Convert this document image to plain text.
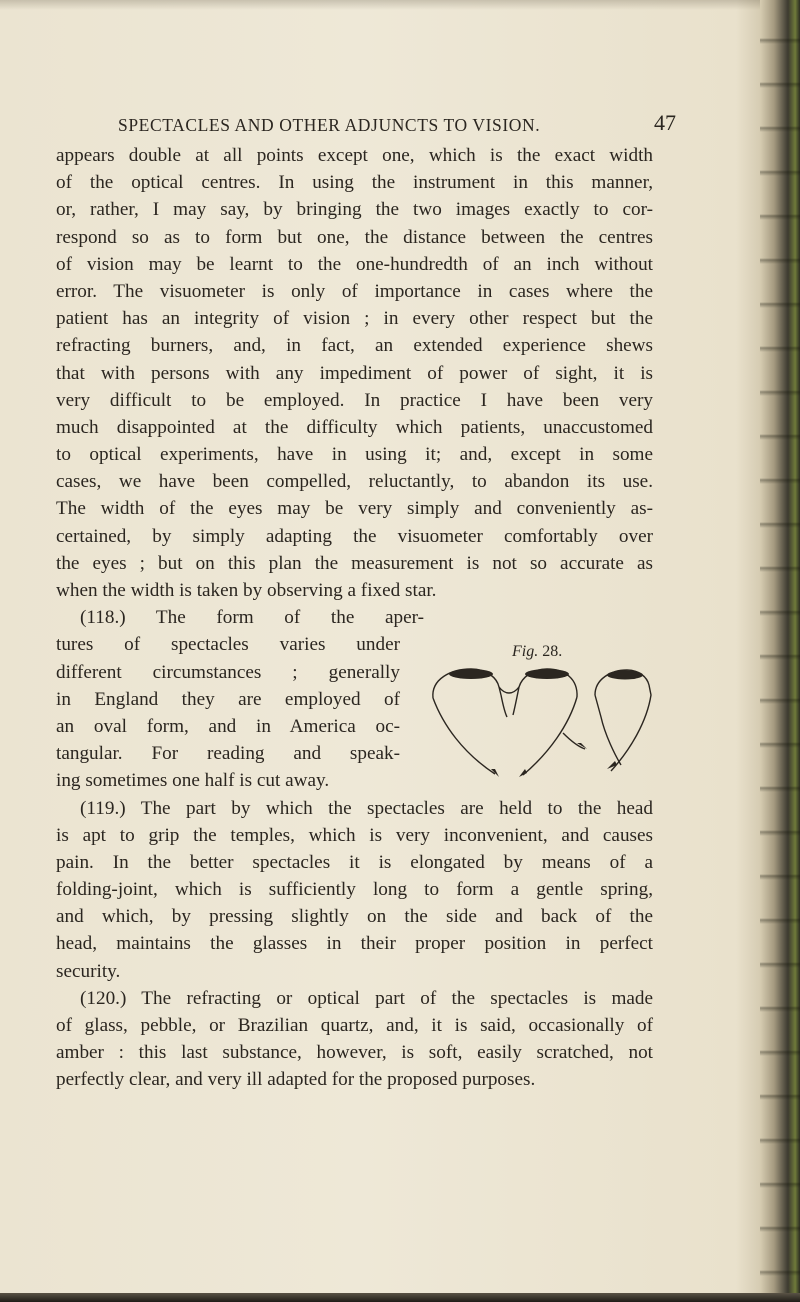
SPECTACLES AND OTHER ADJUNCTS TO VISION.	47
appears double at all points except one, which is the exact width
of the optical centres. In using the instrument in this manner,
or, rather, I may say, by bringing the two images exactly to cor-
respond so as to form but one, the distance between the centres
of vision may be learnt to the one-hundredth of an inch without
error. The visuometer is only of importance in cases where the
patient has an integrity of vision ; in every other respect but the
refracting burners, and, in fact, an extended experience shews
that with persons with any impediment of power of sight, it is
very difficult to be employed. In practice I have been very
much disappointed at the difficulty which patients, unaccustomed
to optical experiments, have in using it; and, except in some
cases, we have been compelled, reluctantly, to abandon its use.
The width of the eyes may be very simply and conveniently as-
certained, by simply adapting the visuometer comfortably over
the eyes ; but on this plan the measurement is not so accurate as
when the width is taken by observing a fixed star.
(118.) The form of the aper-
tures of spectacles varies under
different circumstances ; generally
in England they are employed of
an oval form, and in America oc-
tangular. For reading and speak-
ing sometimes one half is cut away.
(119.) The part by which the spectacles are held to the head
is apt to grip the temples, which is very inconvenient, and causes
pain. In the better spectacles it is elongated by means of a
folding-joint, which is sufficiently long to form a gentle spring,
and which, by pressing slightly on the side and back of the
head, maintains the glasses in their proper position in perfect
security.
(120.) The refracting or optical part of the spectacles is made
of glass, pebble, or Brazilian quartz, and, it is said, occasionally of
amber : this last substance, however, is soft, easily scratched, not
perfectly clear, and very ill adapted for the proposed purposes.
Fig. 28.
